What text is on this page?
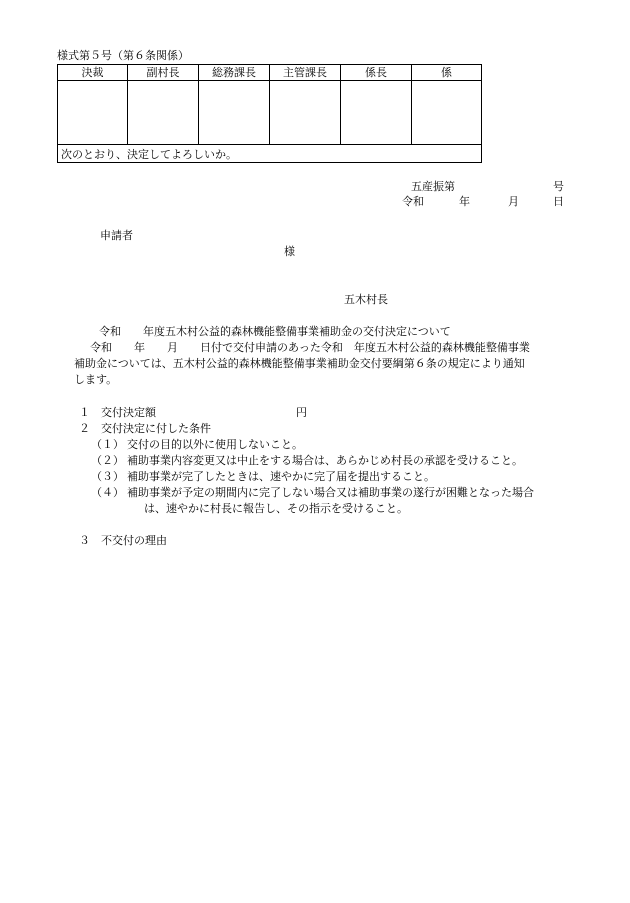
様式第５号（第６条関係）
決裁	副村長	総務課長	主管課長	係長	係

次のとおり、決定してよろしいか。					
五産振第	号
令和	年	月	日
申請者
様
五木村長
令和　　年度五木村公益的森林機能整備事業補助金の交付決定について
令和　　年　　月　　日付で交付申請のあった令和　年度五木村公益的森林機能整備事業
補助金については、五木村公益的森林機能整備事業補助金交付要綱第６条の規定により通知
します。
１　交付決定額	円
２　交付決定に付した条件
（１） 交付の目的以外に使用しないこと。
（２） 補助事業内容変更又は中止をする場合は、あらかじめ村長の承認を受けること。
（３） 補助事業が完了したときは、速やかに完了届を提出すること。
（４） 補助事業が予定の期間内に完了しない場合又は補助事業の遂行が困難となった場合
は、速やかに村長に報告し、その指示を受けること。
３　不交付の理由
